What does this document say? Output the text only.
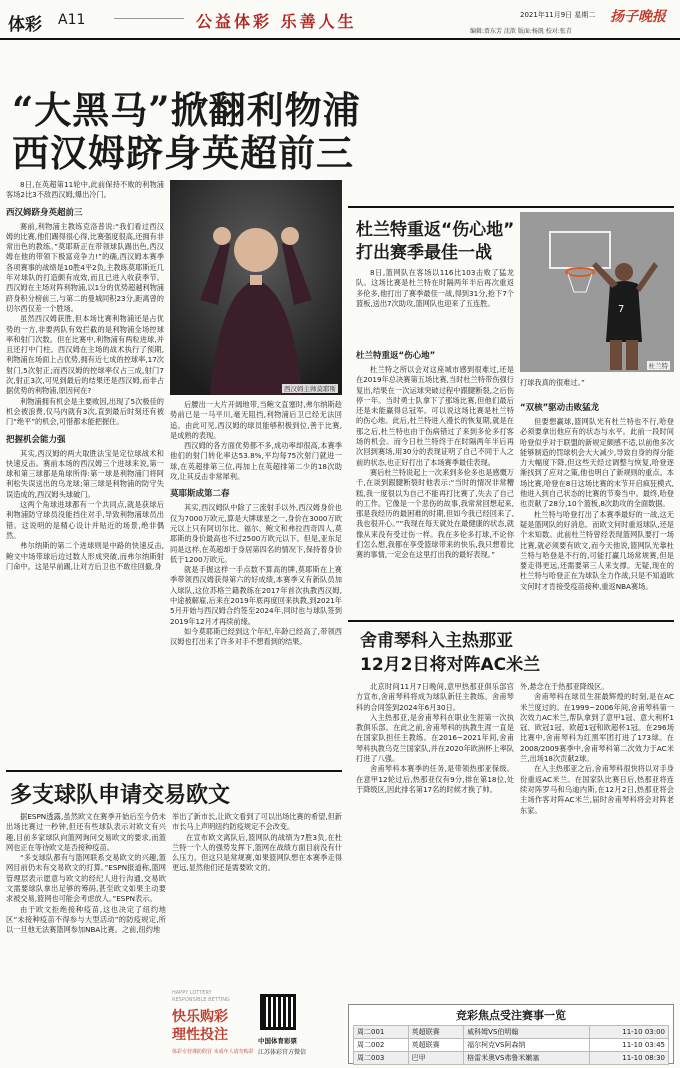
体彩 A11	公益体彩 乐善人生	2021年11月9日 星期二 扬子晚报
编辑:贾东芳 沈歆 版面:杨凯 校对:张青
“大黑马”掀翻利物浦
西汉姆跻身英超前三

8日,在英超第11轮中,此前保持不败的利物浦客场2比3不敌西汉姆,爆出冷门。

西汉姆跻身英超前三

赛前,利物浦主教练克洛普说:“我们看过西汉姆的比赛,他们踢得很心得,比赛强度很高,还拥有非常出色的教练。”莫耶斯正在带领球队踢出色,西汉姆在他的带领下极富竞争力!”的确,西汉姆本赛季各项赛事的战绩是10胜4平2负,主教练莫耶斯近几年对球队的打造颇有成效,而且已进入收获季节。西汉姆在主场对阵利物浦,以1分的优势超越利物浦跻身积分榜前三,与第二的曼城同积23分,距离曾的切尔西仅差一个胜场。

虽然西汉姆获胜,但本场比赛利物浦还是占优势的一方,非要两队有效拦截的是利物浦全场控球率和射门次数。但在比赛中,利物浦有两粒进球,并且还打中门柱。西汉姆在主场的战术执行了预期,利物浦在场面上占优势,拥有近七成的控球率,17次射门,5次射正;而西汉姆的控球率仅占三成,射门7次,射正3次,可见到最后的结果还是西汉姆,而非占据优势的利物浦,原因何在?

利物浦拥有机会是主要败因,出现了5次极佳的机会被浪费,仅马内就有3次,直到最后时刻还有被门“绝平”的机会,可惜都未能把握住。

把握机会能力强

其实,西汉姆的两大取胜法宝是定位球战术和快速反击。赛前本场的西汉姆三个进球来说,第一球和第三球都是角球所得:第一球是利物浦门将阿利松失误送出的乌龙球;第三球是利物浦的防守失误造成的,西汉姆头球破门。

这两个角球进球都有一个共同点,就是获球后利物浦防守球员没能挡住对手,导致利物浦球员出错。这说明的是精心设计并贴近的场景,绝非偶然。

弗尔纳斯的第二个进球则是中路的快速反击,鲍文中场带球后边过数人形成突破,而弗尔纳斯射门命中。这是早前踢,让对方后卫也不敢往回撤,身

西汉姆主帅莫耶斯

后腰出一大片开阔地带,当鲍文直塞时,弗尔纳斯趁势前已是一马平川,毫无阻挡,利物浦后卫已经无法回追。由此可见,西汉姆的球员能够积极到位,善于比赛,是成熟的表现。

西汉姆的各方面优势都不多,成功率却很高,本赛季他们的射门转化率达53.8%,平均每75次射门就进一球,在英超排第三位,再加上在英超排第二少的18次助攻,让其反击非常犀利。

莫耶斯成第二春

其实,西汉姆队中除了三流射手以外,西汉姆身价也仅为7000万欧元,算是大牌球星之一,身价在3000万欧元以上只有阿切尔比、福尔、鲍文和弗拉西奇四人,莫耶斯的身价最高也不过2500万欧元以下。但是,亚东足同是这样,在英超却于身居第四名的情况下,保持着身价低于1200万欧元。

就是手握这样一手点数不算高的牌,莫耶斯在上赛季带领西汉姆获得第六的好成绩,本赛季又有新队员加入球队,这位苏格兰籍教练在2017年首次执教西汉姆,中途被解雇,后来在2019年底再度回来执教,到2021年5月开始与西汉姆合约签至2024年,同时也与球队签到2019年12月才再续前缘。

如今莫耶斯已经到这个年纪,年龄已经高了,带领西汉姆也打出来了许多对手不想看到的结果。

杜兰特重返“伤心地”
打出赛季最佳一战
8日,篮网队在客场以116比103击败了猛龙队。这场比赛是杜兰特在时隔两年半后再次重返多伦多,他打出了赛季最佳一战,得到31分,抢下7个篮板,送出7次助攻,篮网队也迎来了五连胜。
7
杜兰特
打球我真的很难过。”
杜兰特重返“伤心地”

杜兰特之所以会对这座城市感到很难过,还是在2019年总决赛第五场比赛,当时杜兰特带伤强行复出,结果在一次运球突破过程中跟腱断裂,之后伤停一年。当时勇士队拿下了那场比赛,但他们最后还是未能赢得总冠军。可以说这场比赛是杜兰特的伤心地。此后,杜兰特进入漫长的恢复期,就是在那之后,杜兰特也由于伤病错过了来到多伦多打客场的机会。而今日杜兰特终于在时隔两年半后再次回到赛场,用30分的表现证明了自己不同于人之前的状态,也正好打出了本场赛季最佳表现。

赛后杜兰特说起上一次来到多伦多也是感慨万千,在谈到跟腱断裂时他表示:“当时的情况非常糟糕,我一度很以为自己不能再打比赛了,失去了自己的工作。它像是一个悲伤的故事,我常常回想起来,那是我经历的最困难的时期,但如今我已经回来了,我也很开心。”“我现在每天就处在最健康的状态,就像从来没有受过伤一样。我在多伦多打球,不论你们怎么想,我都在享受篮球带来的快乐,我只想着比赛的事情,一定会在这里打出我的最好表现。”

“双核”驱动击败猛龙

但要想赢球,篮网队光有杜兰特也不行,哈登必须要拿出他应有的状态与水平。此前一段时间哈登似乎对于联盟的新规定颇感不适,以前他多次能够制造的罚球机会大大减少,导致自身的得分能力大幅度下降,但这些天经过调整与恢复,哈登逐渐找到了应对之策,他也明白了新规则的重点。本场比赛,哈登在8日这场比赛的末节开启疯狂模式,他进入到自己状态的比赛的节奏当中。最终,哈登也贡献了28分,10个篮板,8次助攻的全面数据。

杜兰特与哈登打出了本赛季最好的一战,这无疑是篮网队的好消息。而欧文何时重返球队,还是个未知数。此前杜兰特曾经表现篮网队要打一场比赛,就必须要有欧文,而今天他说,篮网队光靠杜兰特与哈登是不行的,可能打赢几场常规赛,但是要走得更远,还需要第三人来支撑。无疑,现在的杜兰特与哈登正在为球队全力作战,只是不知道欧文何时才肯接受疫苗接种,重返NBA赛场。

舍甫琴科入主热那亚
12月2日将对阵AC米兰

北京时间11月7日晚间,意甲热那亚俱乐部官方宣布,舍甫琴科将成为球队新任主教练。舍甫琴科的合同签到2024年6月30日。

入主热那亚,是舍甫琴科在职业生涯第一次执教俱乐部。在此之前,舍甫琴科的执教生涯一直是在国家队担任主教练。在2016~2021年间,舍甫琴科执教乌克兰国家队,并在2020年欧洲杯上率队打进了八强。

舍甫琴科本赛季的任务,是带领热那亚保级。在意甲12轮过后,热那亚仅有9分,排在第18位,处于降级区,因此排名第17名的时候才换了帅。

外,悬念在于热那亚降级区。

舍甫琴科在球员生涯最辉煌的时刻,是在AC米兰度过的。在1999~2006年间,舍甫琴科第一次效力AC米兰,帮队拿到了意甲1冠、意大利杯1冠、欧冠1冠、欧超1冠和欧超杯1冠。在296场比赛中,舍甫琴科为红黑军团打进了173球。在2008/2009赛季中,舍甫琴科第二次效力于AC米兰,出场18次贡献2球。

在入主热那亚之后,舍甫琴科很快将以对手身份重返AC米兰。在国家队比赛日后,热那亚将连续对阵罗马和乌迪内斯,在12月2日,热那亚将会主场作客对阵AC米兰,届时舍甫琴科将会对阵老东家。

多支球队申请交易欧文

据ESPN透露,虽然欧文在赛季开始后至今仍未出场比赛过一秒钟,但还有些球队表示对欧文有兴趣,目前多家球队向篮网询问交易欧文的要求,而篮网也正在等待欧文是否接种疫苗。

“多支球队都有与篮网联系交易欧文的兴趣,篮网目前仍未有交易欧文的打算。”ESPN报道称,篮网管理层表示愿意与欧文的经纪人进行沟通,交易欧文需要球队拿出足够的筹码,甚至欧文如果主动要求被交易,篮网也可能会考虑放人。”ESPN表示。

由于欧文拒绝接种疫苗,这也决定了纽约地区“未接种疫苗不得参与大型活动”的防疫规定,所以一旦他无法赛篮网参加NBA比赛。之前,纽约地

举出了新市长,让欧文看到了可以出场比赛的希望,但新市长马上声明纽约防疫规定不会改变。

在宣布欧文离队后,篮网队的战绩为7胜3负,在杜兰特一个人的强势发挥下,篮网在战绩方面目前没有什么压力。但这只是常规赛,如果篮网队想在本赛季走得更远,显然他们还是需要欧文的。

HAPPY LOTTERY
RESPONSIBLE BETTING
快乐购彩
理性投注
体彩专营谨防假冒 未成年人请勿购彩
中国体育彩票
江苏体彩官方微信
竞彩焦点受注赛事一览
周二001	英超联赛	威科姆VS伯明翰	11-10 03:00
周二002	英超联赛	福尔柯克VS阿森纳	11-10 03:45
周二003	巴甲	格雷米奥VS弗鲁米嫩塞	11-10 08:30
